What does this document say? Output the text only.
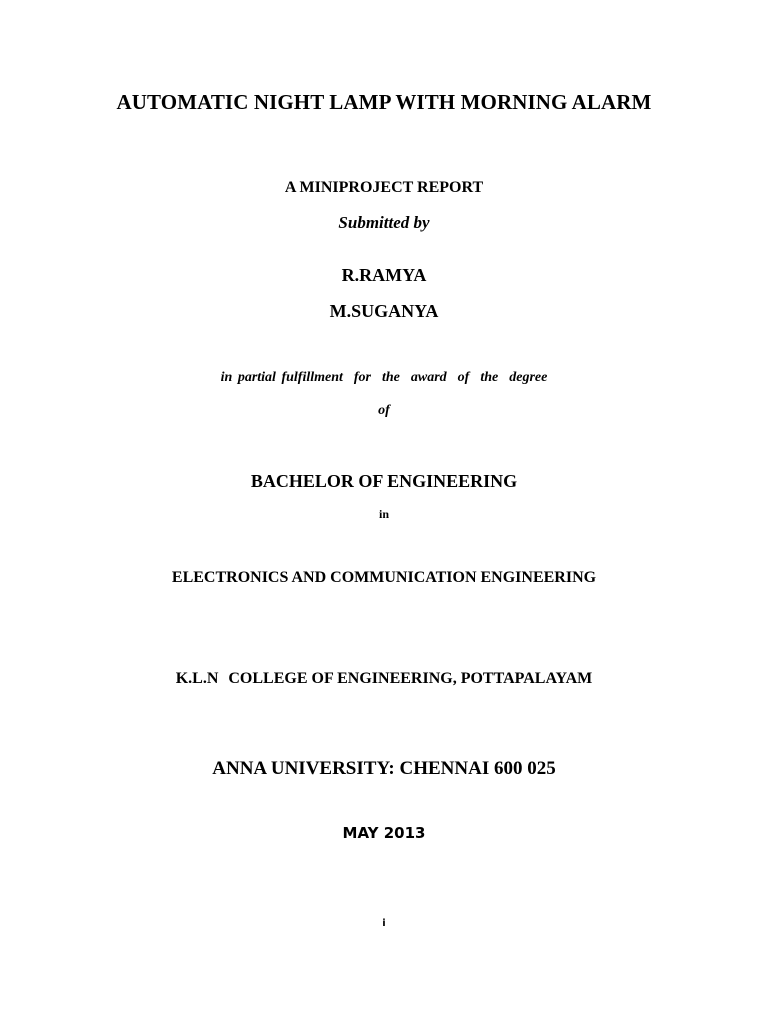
AUTOMATIC NIGHT LAMP WITH MORNING ALARM
A MINIPROJECT REPORT
Submitted by
R.RAMYA
M.SUGANYA
in partial fulfillment  for  the  award  of  the  degree
of
BACHELOR OF ENGINEERING
in
ELECTRONICS AND COMMUNICATION ENGINEERING
K.L.N COLLEGE OF ENGINEERING, POTTAPALAYAM
ANNA UNIVERSITY: CHENNAI 600 025
MAY 2013
i
